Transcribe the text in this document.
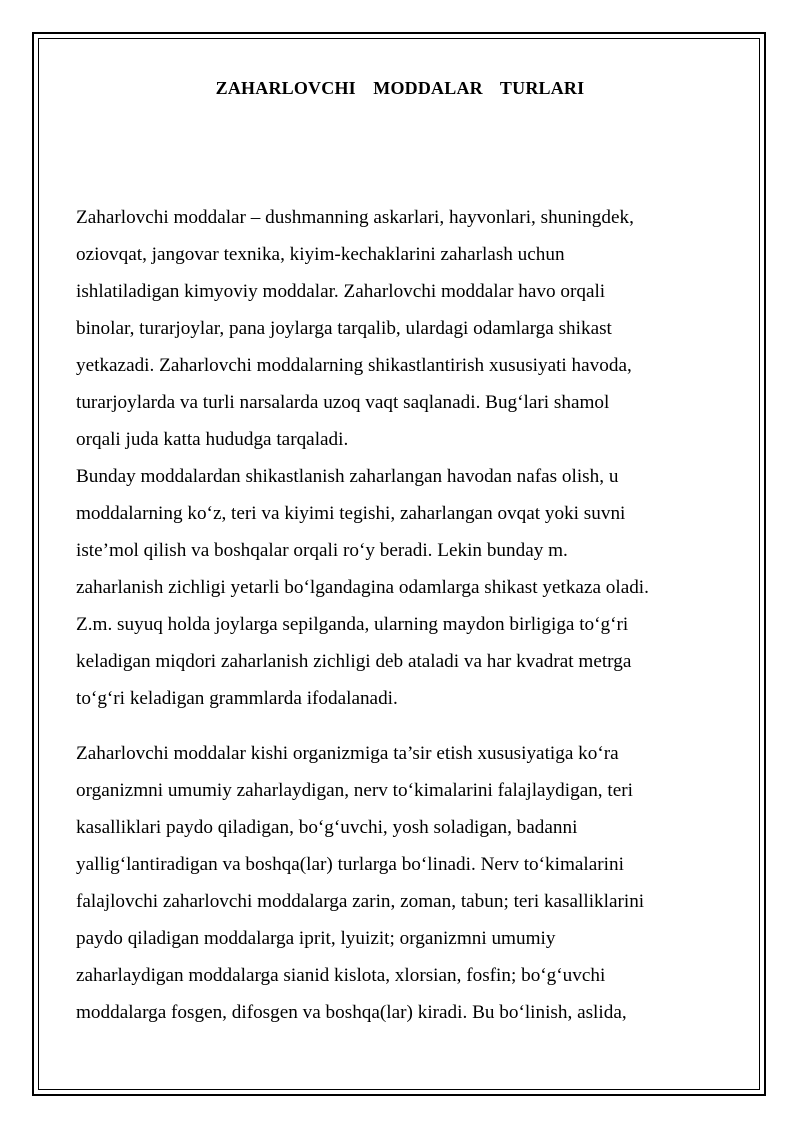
ZAHARLOVCHI  MODDALAR  TURLARI
Zaharlovchi moddalar – dushmanning askarlari, hayvonlari, shuningdek,
oziovqat, jangovar texnika, kiyim-kechaklarini zaharlash uchun
ishlatiladigan kimyoviy moddalar. Zaharlovchi moddalar havo orqali
binolar, turarjoylar, pana joylarga tarqalib, ulardagi odamlarga shikast
yetkazadi. Zaharlovchi moddalarning shikastlantirish xususiyati havoda,
turarjoylarda va turli narsalarda uzoq vaqt saqlanadi. Bug‘lari shamol
orqali juda katta hududga tarqaladi.
Bunday moddalardan shikastlanish zaharlangan havodan nafas olish, u
moddalarning ko‘z, teri va kiyimi tegishi, zaharlangan ovqat yoki suvni
iste’mol qilish va boshqalar orqali ro‘y beradi. Lekin bunday m.
zaharlanish zichligi yetarli bo‘lgandagina odamlarga shikast yetkaza oladi.
Z.m. suyuq holda joylarga sepilganda, ularning maydon birligiga to‘g‘ri
keladigan miqdori zaharlanish zichligi deb ataladi va har kvadrat metrga
to‘g‘ri keladigan grammlarda ifodalanadi.
Zaharlovchi moddalar kishi organizmiga ta’sir etish xususiyatiga ko‘ra
organizmni umumiy zaharlaydigan, nerv to‘kimalarini falajlaydigan, teri
kasalliklari paydo qiladigan, bo‘g‘uvchi, yosh soladigan, badanni
yallig‘lantiradigan va boshqa(lar) turlarga bo‘linadi. Nerv to‘kimalarini
falajlovchi zaharlovchi moddalarga zarin, zoman, tabun; teri kasalliklarini
paydo qiladigan moddalarga iprit, lyuizit; organizmni umumiy
zaharlaydigan moddalarga sianid kislota, xlorsian, fosfin; bo‘g‘uvchi
moddalarga fosgen, difosgen va boshqa(lar) kiradi. Bu bo‘linish, aslida,
